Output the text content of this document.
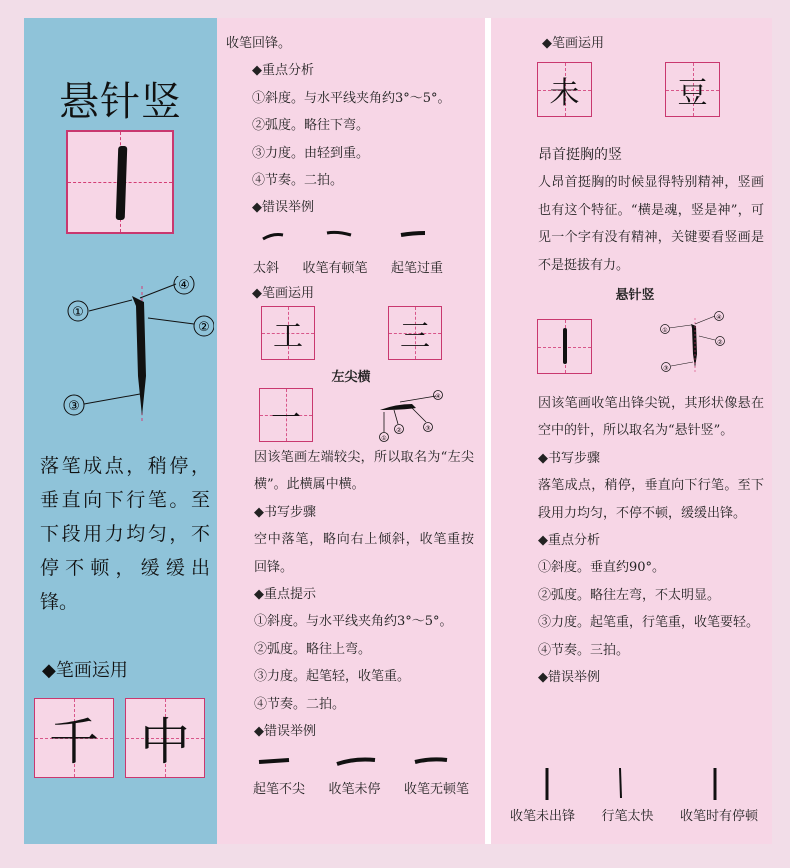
悬针竖
①
④
②
③
落笔成点，稍停，垂直向下行笔。至下段用力均匀，不停不顿，缓缓出锋。
◆笔画运用
千 中
收笔回锋。
◆重点分析
①斜度。与水平线夹角约3°～5°。
②弧度。略往下弯。
③力度。由轻到重。
④节奏。二拍。
◆错误举例
太斜 收笔有顿笔 起笔过重
◆笔画运用
工	三
左尖横
一
④
①
②	③
因该笔画左端较尖，所以取名为“左尖横”。此横属中横。
◆书写步骤
空中落笔，略向右上倾斜，收笔重按回锋。
◆重点提示
①斜度。与水平线夹角约3°～5°。
②弧度。略往上弯。
③力度。起笔轻，收笔重。
④节奏。二拍。
◆错误举例
起笔不尖 收笔未停 收笔无顿笔
◆笔画运用
未	豆
昂首挺胸的竖
人昂首挺胸的时候显得特别精神，竖画也有这个特征。“横是魂，竖是神”，可见一个字有没有精神，关键要看竖画是不是挺拔有力。
悬针竖
①
④
②
③
因该笔画收笔出锋尖锐，其形状像悬在空中的针，所以取名为“悬针竖”。
◆书写步骤
落笔成点，稍停，垂直向下行笔。至下段用力均匀，不停不顿，缓缓出锋。
◆重点分析
①斜度。垂直约90°。
②弧度。略往左弯，不太明显。
③力度。起笔重，行笔重，收笔要轻。
④节奏。三拍。
◆错误举例
收笔未出锋 行笔太快 收笔时有停顿
